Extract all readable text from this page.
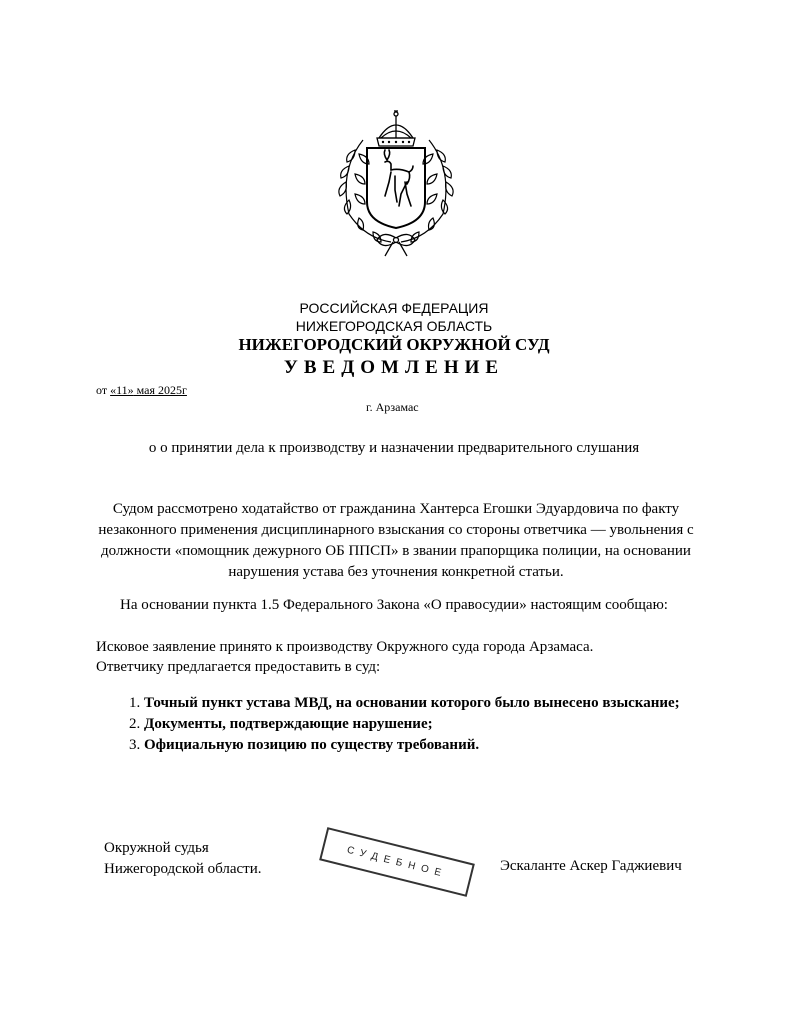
РОССИЙСКАЯ ФЕДЕРАЦИЯ
НИЖЕГОРОДСКАЯ ОБЛАСТЬ
НИЖЕГОРОДСКИЙ ОКРУЖНОЙ СУД
УВЕДОМЛЕНИЕ
от «11» мая 2025г
г. Арзамас
о о принятии дела к производству и назначении предварительного слушания
Судом рассмотрено ходатайство от гражданина Хантерса Егошки Эдуардовича по факту незаконного применения дисциплинарного взыскания со стороны ответчика — увольнения с должности «помощник дежурного ОБ ППСП» в звании прапорщика полиции, на основании нарушения устава без уточнения конкретной статьи.
На основании пункта 1.5 Федерального Закона «О правосудии» настоящим сообщаю:
Исковое заявление принято к производству Окружного суда города Арзамаса.
Ответчику предлагается предоставить в суд:
1. Точный пункт устава МВД, на основании которого было вынесено взыскание;
2. Документы, подтверждающие нарушение;
3. Официальную позицию по существу требований.
Окружной судья
Нижегородской области.	СУДЕБНОЕ	Эскаланте Аскер Гаджиевич
